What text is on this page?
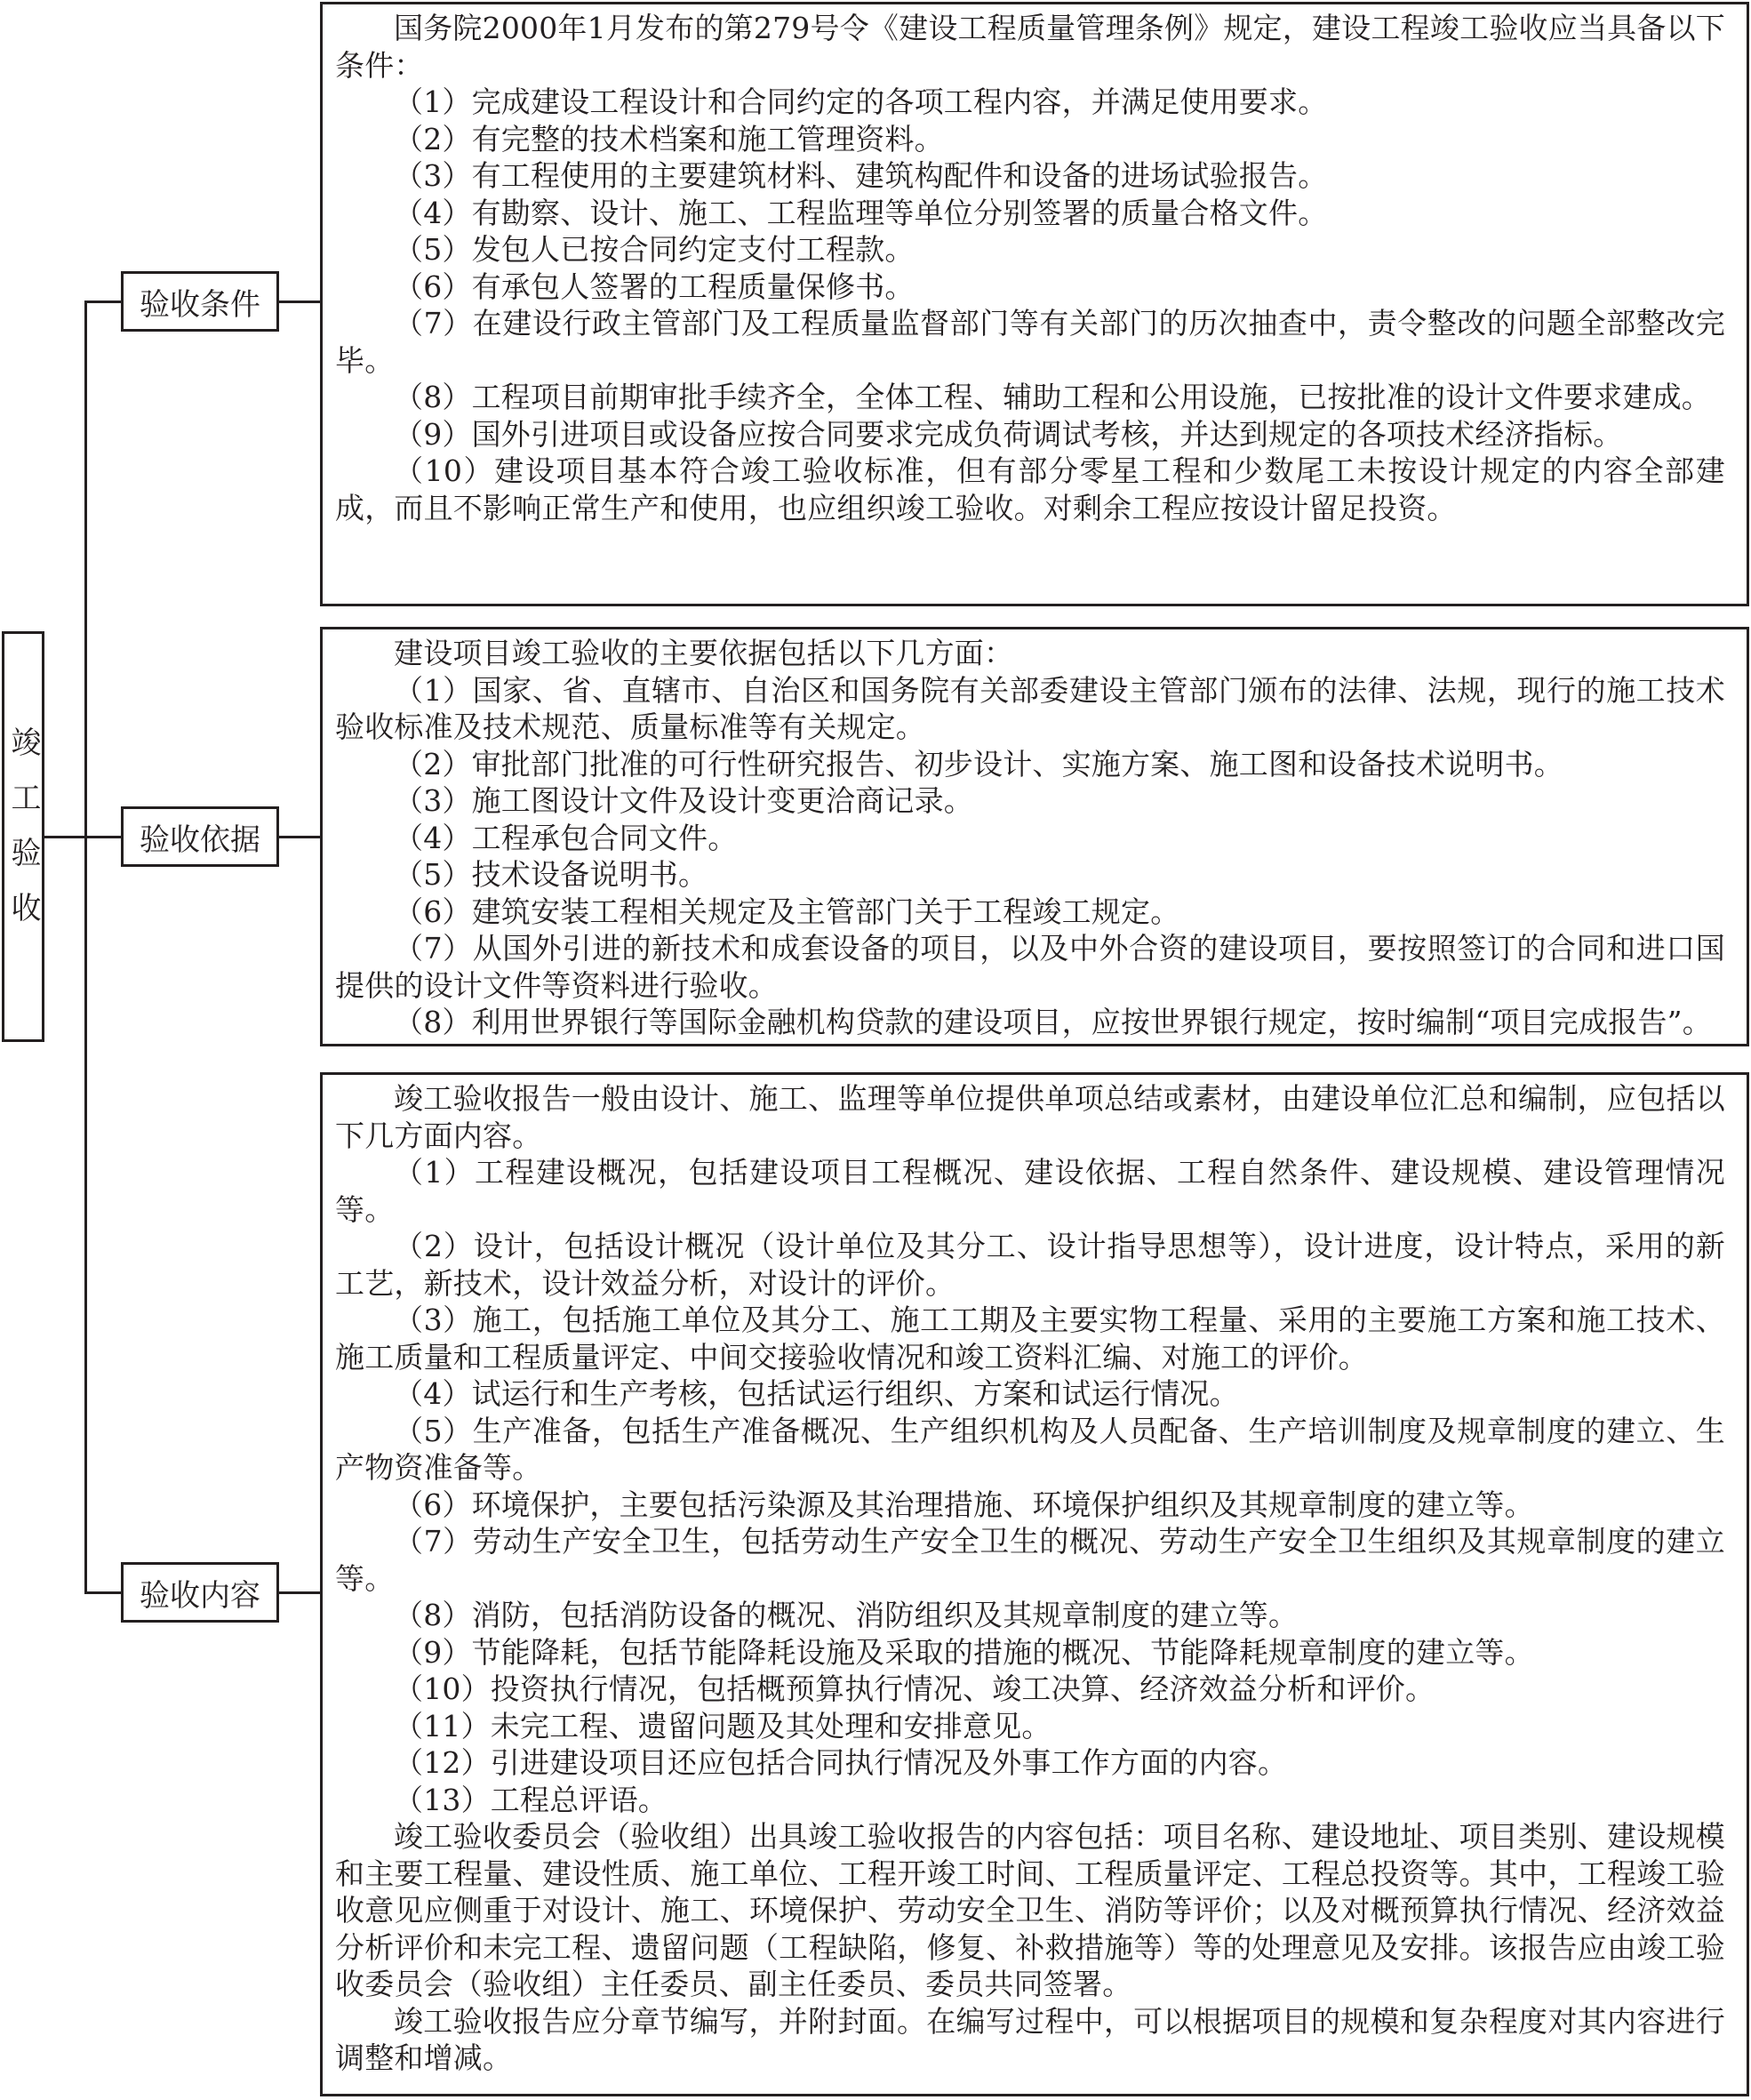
竣工验收
验收条件
验收依据
验收内容

国务院2000年1月发布的第279号令《建设工程质量管理条例》规定，建设工程竣工验收应当具备以下条件：

（1）完成建设工程设计和合同约定的各项工程内容，并满足使用要求。

（2）有完整的技术档案和施工管理资料。

（3）有工程使用的主要建筑材料、建筑构配件和设备的进场试验报告。

（4）有勘察、设计、施工、工程监理等单位分别签署的质量合格文件。

（5）发包人已按合同约定支付工程款。

（6）有承包人签署的工程质量保修书。

（7）在建设行政主管部门及工程质量监督部门等有关部门的历次抽查中，责令整改的问题全部整改完毕。

（8）工程项目前期审批手续齐全，全体工程、辅助工程和公用设施，已按批准的设计文件要求建成。

（9）国外引进项目或设备应按合同要求完成负荷调试考核，并达到规定的各项技术经济指标。

（10）建设项目基本符合竣工验收标准，但有部分零星工程和少数尾工未按设计规定的内容全部建成，而且不影响正常生产和使用，也应组织竣工验收。对剩余工程应按设计留足投资。

建设项目竣工验收的主要依据包括以下几方面：

（1）国家、省、直辖市、自治区和国务院有关部委建设主管部门颁布的法律、法规，现行的施工技术验收标准及技术规范、质量标准等有关规定。

（2）审批部门批准的可行性研究报告、初步设计、实施方案、施工图和设备技术说明书。

（3）施工图设计文件及设计变更洽商记录。

（4）工程承包合同文件。

（5）技术设备说明书。

（6）建筑安装工程相关规定及主管部门关于工程竣工规定。

（7）从国外引进的新技术和成套设备的项目，以及中外合资的建设项目，要按照签订的合同和进口国提供的设计文件等资料进行验收。

（8）利用世界银行等国际金融机构贷款的建设项目，应按世界银行规定，按时编制“项目完成报告”。

竣工验收报告一般由设计、施工、监理等单位提供单项总结或素材，由建设单位汇总和编制，应包括以下几方面内容。

（1）工程建设概况，包括建设项目工程概况、建设依据、工程自然条件、建设规模、建设管理情况等。

（2）设计，包括设计概况（设计单位及其分工、设计指导思想等），设计进度，设计特点，采用的新工艺，新技术，设计效益分析，对设计的评价。

（3）施工，包括施工单位及其分工、施工工期及主要实物工程量、采用的主要施工方案和施工技术、施工质量和工程质量评定、中间交接验收情况和竣工资料汇编、对施工的评价。

（4）试运行和生产考核，包括试运行组织、方案和试运行情况。

（5）生产准备，包括生产准备概况、生产组织机构及人员配备、生产培训制度及规章制度的建立、生产物资准备等。

（6）环境保护，主要包括污染源及其治理措施、环境保护组织及其规章制度的建立等。

（7）劳动生产安全卫生，包括劳动生产安全卫生的概况、劳动生产安全卫生组织及其规章制度的建立等。

（8）消防，包括消防设备的概况、消防组织及其规章制度的建立等。

（9）节能降耗，包括节能降耗设施及采取的措施的概况、节能降耗规章制度的建立等。

（10）投资执行情况，包括概预算执行情况、竣工决算、经济效益分析和评价。

（11）未完工程、遗留问题及其处理和安排意见。

（12）引进建设项目还应包括合同执行情况及外事工作方面的内容。

（13）工程总评语。

竣工验收委员会（验收组）出具竣工验收报告的内容包括：项目名称、建设地址、项目类别、建设规模和主要工程量、建设性质、施工单位、工程开竣工时间、工程质量评定、工程总投资等。其中，工程竣工验收意见应侧重于对设计、施工、环境保护、劳动安全卫生、消防等评价；以及对概预算执行情况、经济效益分析评价和未完工程、遗留问题（工程缺陷，修复、补救措施等）等的处理意见及安排。该报告应由竣工验收委员会（验收组）主任委员、副主任委员、委员共同签署。

竣工验收报告应分章节编写，并附封面。在编写过程中，可以根据项目的规模和复杂程度对其内容进行调整和增减。
